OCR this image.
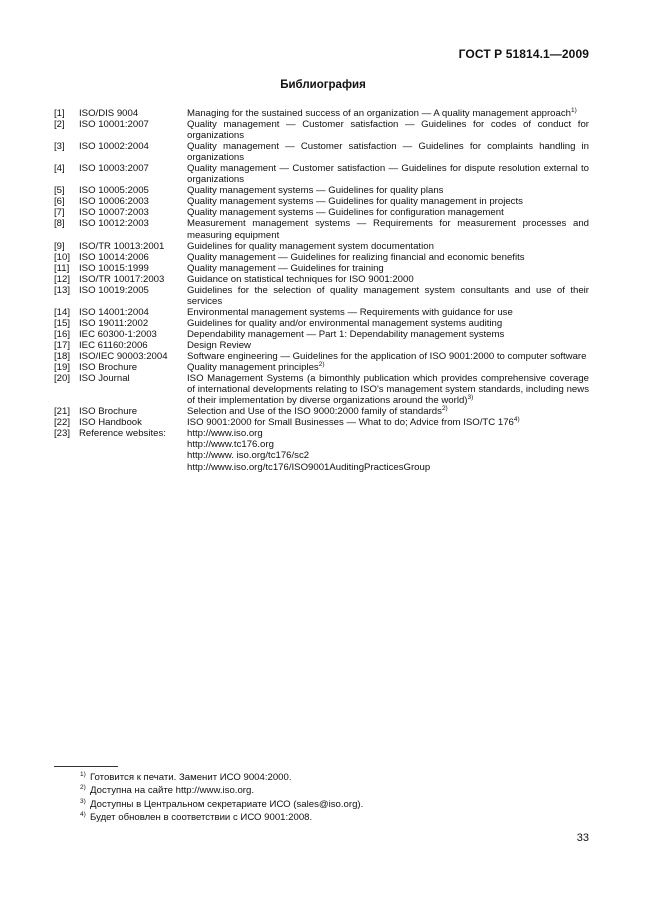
ГОСТ Р 51814.1—2009
Библиография
[1]	ISO/DIS 9004	Managing for the sustained success of an organization — A quality management approach$^{1)}$
[2]	ISO 10001:2007	Quality management — Customer satisfaction — Guidelines for codes of conduct for organizations
[3]	ISO 10002:2004	Quality management — Customer satisfaction — Guidelines for complaints handling in organizations
[4]	ISO 10003:2007	Quality management — Customer satisfaction — Guidelines for dispute resolution external to organizations
[5]	ISO 10005:2005	Quality management systems — Guidelines for quality plans
[6]	ISO 10006:2003	Quality management systems — Guidelines for quality management in projects
[7]	ISO 10007:2003	Quality management systems — Guidelines for configuration management
[8]	ISO 10012:2003	Measurement management systems — Requirements for measurement processes and measuring equipment
[9]	ISO/TR 10013:2001	Guidelines for quality management system documentation
[10] ISO 10014:2006	Quality management — Guidelines for realizing financial and economic benefits
[11]	ISO 10015:1999	Quality management — Guidelines for training
[12] ISO/TR 10017:2003	Guidance on statistical techniques for ISO 9001:2000
[13] ISO 10019:2005	Guidelines for the selection of quality management system consultants and use of their services
[14] ISO 14001:2004	Environmental management systems — Requirements with guidance for use
[15] ISO 19011:2002	Guidelines for quality and/or environmental management systems auditing
[16] IEC 60300-1:2003	Dependability management — Part 1: Dependability management systems
[17] IEC 61160:2006	Design Review
[18] ISO/IEC 90003:2004	Software engineering — Guidelines for the application of ISO 9001:2000 to computer software
[19] ISO Brochure	Quality management principles$^{2)}$
[20] ISO Journal	ISO Management Systems (a bimonthly publication which provides comprehensive coverage of international developments relating to ISO's management system standards, including news of their implementation by diverse organizations around the world)$^{3)}$
[21] ISO Brochure	Selection and Use of the ISO 9000:2000 family of standards$^{2)}$
[22] ISO Handbook	ISO 9001:2000 for Small Businesses — What to do; Advice from ISO/TC 176$^{4)}$
[23] Reference websites:	http://www.iso.org
http://www.tc176.org
http://www. iso.org/tc176/sc2
http://www.iso.org/tc176/ISO9001AuditingPracticesGroup
$^{1)}$ Готовится к печати. Заменит ИСО 9004:2000.
$^{2)}$ Доступна на сайте http://www.iso.org.
$^{3)}$ Доступны в Центральном секретариате ИСО (sales@iso.org).
$^{4)}$ Будет обновлен в соответствии с ИСО 9001:2008.
33
